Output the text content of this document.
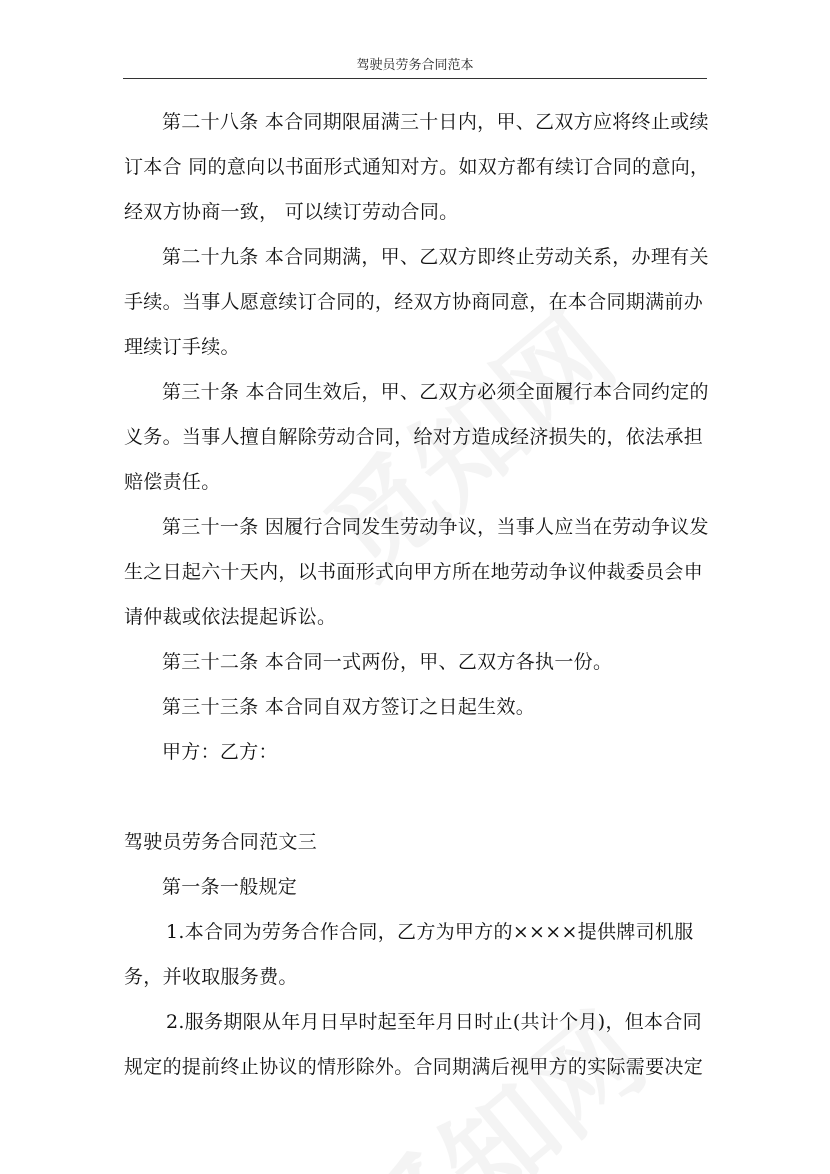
驾驶员劳务合同范本

第二十八条 本合同期限届满三十日内，甲、乙双方应将终止或续订本合 同的意向以书面形式通知对方。如双方都有续订合同的意向，经双方协商一致， 可以续订劳动合同。

第二十九条 本合同期满，甲、乙双方即终止劳动关系，办理有关手续。当事人愿意续订合同的，经双方协商同意，在本合同期满前办理续订手续。

第三十条 本合同生效后，甲、乙双方必须全面履行本合同约定的义务。当事人擅自解除劳动合同，给对方造成经济损失的，依法承担赔偿责任。

第三十一条 因履行合同发生劳动争议，当事人应当在劳动争议发生之日起六十天内，以书面形式向甲方所在地劳动争议仲裁委员会申请仲裁或依法提起诉讼。

第三十二条 本合同一式两份，甲、乙双方各执一份。

第三十三条 本合同自双方签订之日起生效。

甲方：乙方：

驾驶员劳务合同范文三

第一条一般规定

1.本合同为劳务合作合同，乙方为甲方的××××提供牌司机服务，并收取服务费。

2.服务期限从年月日早时起至年月日时止(共计个月)，但本合同规定的提前终止协议的情形除外。合同期满后视甲方的实际需要决定
